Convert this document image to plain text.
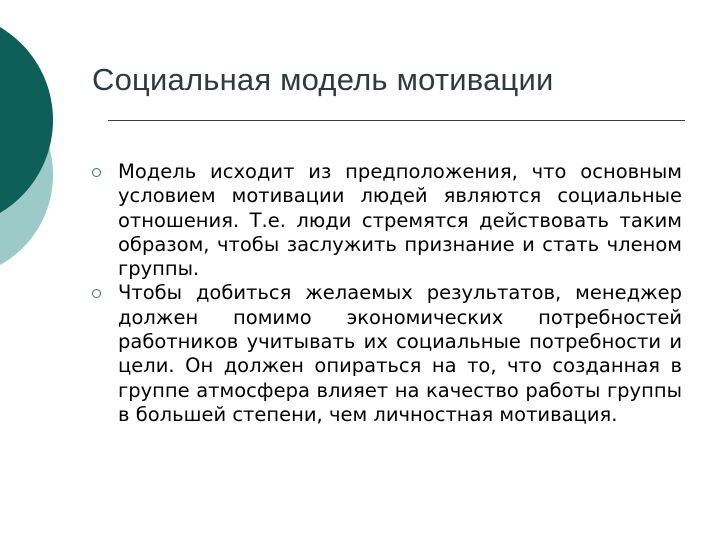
Социальная модель мотивации
Модель исходит из предположения, что основным условием мотивации людей являются социальные отношения. Т.е. люди стремятся действовать таким образом, чтобы заслужить признание и стать членом группы.
Чтобы добиться желаемых результатов, менеджер должен помимо экономических потребностей работников учитывать их социальные потребности и цели. Он должен опираться на то, что созданная в группе атмосфера влияет на качество работы группы в большей степени, чем личностная мотивация.
